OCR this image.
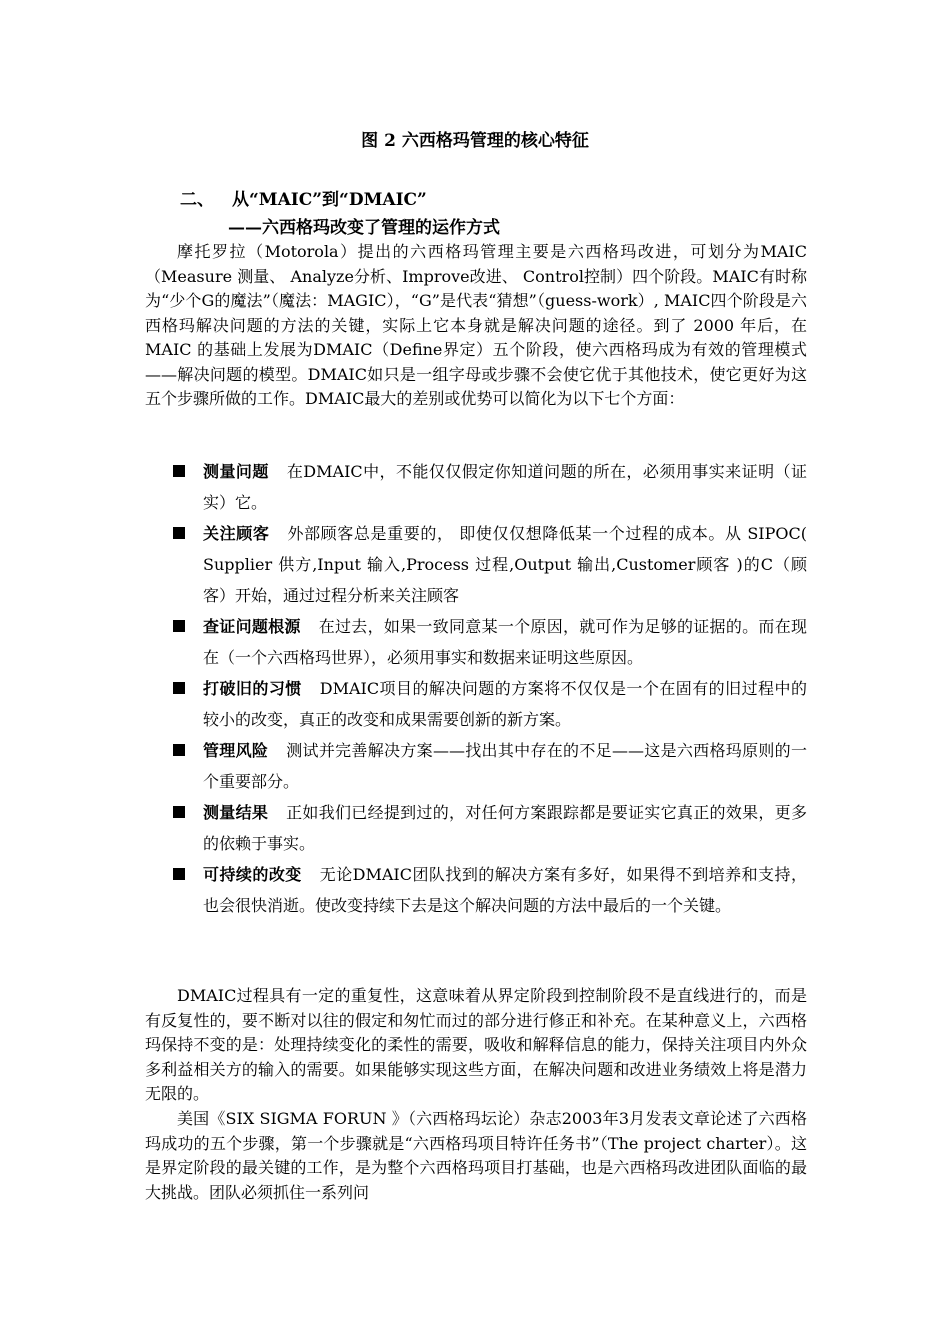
图 2 六西格玛管理的核心特征
二、 从“MAIC”到“DMAIC”
——六西格玛改变了管理的运作方式

摩托罗拉（Motorola）提出的六西格玛管理主要是六西格玛改进，可划分为MAIC（Measure 测量、 Analyze分析、Improve改进、 Control控制）四个阶段。MAIC有时称为“少个G的魔法”（魔法：MAGIC），“G”是代表“猜想”（guess-work）, MAIC四个阶段是六西格玛解决问题的方法的关键，实际上它本身就是解决问题的途径。到了 2000 年后，在 MAIC 的基础上发展为DMAIC（Define界定）五个阶段，使六西格玛成为有效的管理模式——解决问题的模型。DMAIC如只是一组字母或步骤不会使它优于其他技术，使它更好为这五个步骤所做的工作。DMAIC最大的差别或优势可以简化为以下七个方面：

测量问题 在DMAIC中，不能仅仅假定你知道问题的所在，必须用事实来证明（证实）它。
关注顾客 外部顾客总是重要的， 即使仅仅想降低某一个过程的成本。从 SIPOC( Supplier 供方,Input 输入,Process 过程,Output 输出,Customer顾客 )的C（顾客）开始，通过过程分析来关注顾客
查证问题根源 在过去，如果一致同意某一个原因，就可作为足够的证据的。而在现在（一个六西格玛世界），必须用事实和数据来证明这些原因。
打破旧的习惯 DMAIC项目的解决问题的方案将不仅仅是一个在固有的旧过程中的较小的改变，真正的改变和成果需要创新的新方案。
管理风险 测试并完善解决方案——找出其中存在的不足——这是六西格玛原则的一个重要部分。
测量结果 正如我们已经提到过的，对任何方案跟踪都是要证实它真正的效果，更多的依赖于事实。
可持续的改变 无论DMAIC团队找到的解决方案有多好，如果得不到培养和支持，也会很快消逝。使改变持续下去是这个解决问题的方法中最后的一个关键。

DMAIC过程具有一定的重复性，这意味着从界定阶段到控制阶段不是直线进行的，而是有反复性的，要不断对以往的假定和匆忙而过的部分进行修正和补充。在某种意义上，六西格玛保持不变的是：处理持续变化的柔性的需要，吸收和解释信息的能力，保持关注项目内外众多利益相关方的输入的需要。如果能够实现这些方面，在解决问题和改进业务绩效上将是潜力无限的。

美国《SIX SIGMA FORUN 》（六西格玛坛论）杂志2003年3月发表文章论述了六西格玛成功的五个步骤，第一个步骤就是“六西格玛项目特许任务书”（The project charter）。这是界定阶段的最关键的工作，是为整个六西格玛项目打基础，也是六西格玛改进团队面临的最大挑战。团队必须抓住一系列问
